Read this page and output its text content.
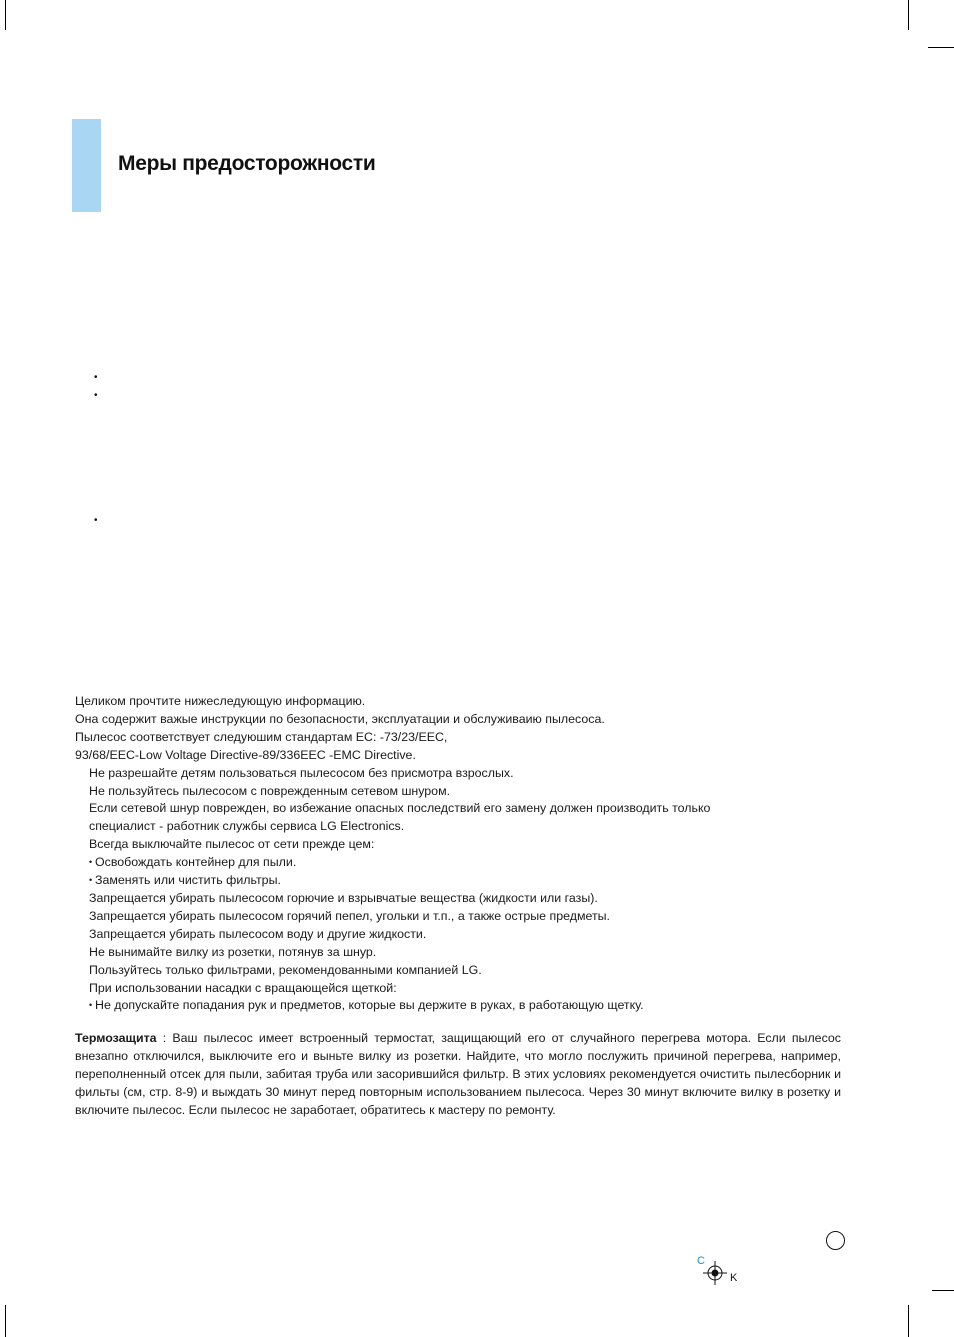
Меры предосторожности
•
•
•
Целиком прочтите нижеследующую информацию.
Она содержит важые инструкции по безопасности, эксплуатации и обслуживаию пылесоса.
Пылесос соответствует следуюшим стандартам ЕС: -73/23/ЕЕС,
93/68/ЕЕС-Low Voltage Directive-89/336EEC -EMC Directive.
Не разрешайте детям пользоваться пылесосом без присмотра взрослых.
Не пользуйтесь пылесосом с поврежденным сетевом шнуром.
Если сетевой шнур поврежден, во избежание опасных последствий его замену должен производить только
специалист - работник службы сервиса LG Electronics.
Всегда выключайте пылесос от сети прежде цем:
• Освобождать контейнер для пыли.
• Заменять или чистить фильтры.
Запрещается убирать пылесосом горючие и взрывчатые вещества (жидкости или газы).
Запрещается убирать пылесосом горячий пепел, угольки и т.п., а также острые предметы.
Запрещается убирать пылесосом воду и другие жидкости.
Не вынимайте вилку из розетки, потянув за шнур.
Пользуйтесь только фильтрами, рекомендованными компанией LG.
При использовании насадки с вращающейся щеткой:
• Не допускайте попадания рук и предметов, которые вы держите в руках, в работающую щетку.
Термозащита : Ваш пылесос имеет встроенный термостат, защищающий его от случайного перегрева мотора. Если пылесос внезапно отключился, выключите его и выньте вилку из розетки. Найдите, что могло послужить причиной перегрева, например, переполненный отсек для пыли, забитая труба или засорившийся фильтр. В этих условиях рекомендуется очистить пылесборник и фильты (см, стр. 8-9) и выждать 30 минут перед повторным использованием пылесоса. Через 30 минут включите вилку в розетку и включите пылесос. Если пылесос не заработает, обратитесь к мастеру по ремонту.
C
K
